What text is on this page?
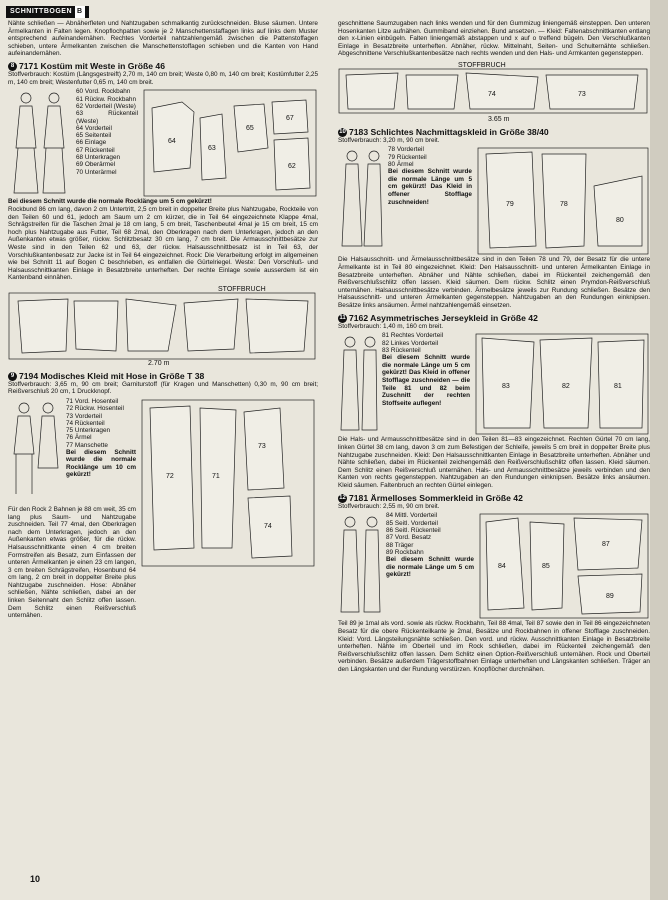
SCHNITTBOGEN B

Nähte schließen — Abnäherfleten und Nahtzugaben schmalkantig zurückschneiden. Bluse säumen. Untere Ärmelkanten in Falten legen. Knopflochpatten sowie je 2 Manschettenstaffagen links auf links dem Muster entsprechend aufeinandernähen. Rechtes Vorderteil nahtzahlengemäß zwischen die Pattenstoffagen schieben, untere Ärmelkanten zwischen die Manschettenstoffagen schieben und die Kanten von Hand aufeinandernähen.

8 7171 Kostüm mit Weste in Größe 46

Stoffverbrauch: Kostüm (Längsgestreift) 2,70 m, 140 cm breit; Weste 0,80 m, 140 cm breit; Kostümfutter 2,25 m, 140 cm breit; Westenfutter 0,65 m, 140 cm breit.

60 Vord. Rockbahn
61 Rückw. Rockbahn
62 Vorderteil (Weste)
63 Rückenteil (Weste)
64 Vorderteil
65 Seitenteil
66 Einlage
67 Rückenteil
68 Unterkragen
69 Oberärmel
70 Unterärmel
64
63
65
67
62

Bei diesem Schnitt wurde die normale Rocklänge um 5 cm gekürzt!

Rockbund 86 cm lang, davon 2 cm Untertritt, 2,5 cm breit in doppelter Breite plus Nahtzugabe, Rockteile von den Teilen 60 und 61, jedoch am Saum um 2 cm kürzer, die in Teil 64 eingezeichnete Klappe 4mal, Schrägstreifen für die Taschen 2mal je 18 cm lang, 5 cm breit, Taschenbeutel 4mal je 15 cm breit, 15 cm hoch plus Nahtzugabe aus Futter, Teil 68 2mal, den Oberkragen nach dem Unterkragen, jedoch an den Außenkanten etwas größer, rückw. Schlitzbesatz 30 cm lang, 7 cm breit. Die Armausschnittbesätze zur Weste sind in den Teilen 62 und 63, der rückw. Halsausschnittbesatz ist in Teil 63, der Vorschlußkantenbesatz zur Jacke ist in Teil 64 eingezeichnet. Rock: Die Verarbeitung erfolgt im allgemeinen wie bei Schnitt 11 auf Bogen C beschrieben, es entfallen die Gürtelriegel. Weste: Den Vorschluß- und Halsausschnittkanten Einlage in Besatzbreite unterheften. Der rechte Einlage sowie ausserdem ist ein Kantenband einnähen.

STOFFBRUCH
2,70 m
9 7194 Modisches Kleid mit Hose in Größe T 38

Stoffverbrauch: 3,65 m, 90 cm breit; Garniturstoff (für Kragen und Manschetten) 0,30 m, 90 cm breit; Reißverschluß 20 cm, 1 Druckknopf.

71 Vord. Hosenteil
72 Rückw. Hosenteil
73 Vorderteil
74 Rückenteil
75 Unterkragen
76 Ärmel
77 Manschette
Bei diesem Schnitt wurde die normale Rocklänge um 10 cm gekürzt!	72	71
73
74

Für den Rock 2 Bahnen je 88 cm weit, 35 cm lang plus Saum- und Nahtzugabe zuschneiden. Teil 77 4mal, den Oberkragen nach dem Unterkragen, jedoch an den Außenkanten etwas größer, für die rückw. Halsausschnittkante einen 4 cm breiten Formstreifen als Besatz, zum Einfassen der unteren Ärmelkanten je einen 23 cm langen, 3 cm breiten Schrägstreifen, Hosenbund 64 cm lang, 2 cm breit in doppelter Breite plus Nahtzugabe zuschneiden. Hose: Abnäher schließen, Nähte schließen, dabei an der linken Seitennaht den Schlitz offen lassen. Dem Schlitz einen Reißverschluß unternähen.

geschnittene Saumzugaben nach links wenden und für den Gummizug liniengemäß einsteppen. Den unteren Hosenkanten Litze aufnähen. Gummiband einziehen. Bund ansetzen. — Kleid: Faltenabschnittkanten entlang den x-Linien einbügeln. Falten liniengemäß abstappen und x auf o treffend bügeln. Den Verschlußkanten Einlage in Besatzbreite unterheften. Abnäher, rückw. Mittelnaht, Seiten- und Schulternähte schließen. Abgeschnittene Verschlußkantenbesätze nach rechts wenden und den Hals- und Armkanten gegensteppen.

74	73
STOFFBRUCH
3,65 m
10 7183 Schlichtes Nachmittagskleid in Größe 38/40

Stoffverbrauch: 3,20 m, 90 cm breit.

78 Vorderteil
79 Rückenteil
80 Ärmel

Bei diesem Schnitt wurde die normale Länge um 5 cm gekürzt! Das Kleid in offener Stofflage zuschneiden!	79	78
80

Die Halsausschnitt- und Ärmelausschnittbesätze sind in den Teilen 78 und 79, der Besatz für die untere Ärmelkante ist in Teil 80 eingezeichnet. Kleid: Den Halsausschnitt- und unteren Ärmelkanten Einlage in Besatzbreite unterheften. Abnäher und Nähte schließen, dabei im Rückenteil zeichengemäß den Reißverschlußschlitz offen lassen. Kleid säumen. Dem rückw. Schlitz einen Prymdon-Reißverschluß unternähen. Halsausschnittbesätze verbinden. Ärmelbesätze jeweils zur Rundung schließen. Besätze den Halsausschnitt- und unteren Ärmelkanten gegensteppen. Nahtzugaben an den Rundungen einknipsen. Besätze links ansäumen. Ärmel nahtzahlengemäß einsetzen.

11 7162 Asymmetrisches Jerseykleid in Größe 42

Stoffverbrauch: 1,40 m, 160 cm breit.

81 Rechtes Vorderteil
82 Linkes Vorderteil
83 Rückenteil

Bei diesem Schnitt wurde die normale Länge um 5 cm gekürzt! Das Kleid in offener Stofflage zuschneiden — die Teile 81 und 82 beim Zuschnitt der rechten Stoffseite auflegen!

83	82	81

Die Hals- und Armausschnittbesätze sind in den Teilen 81—83 eingezeichnet. Rechten Gürtel 70 cm lang, linken Gürtel 38 cm lang, davon 3 cm zum Befestigen der Schleife, jeweils 5 cm breit in doppelter Breite plus Nahtzugabe zuschneiden. Kleid: Den Halsausschnittkanten Einlage in Besatzbreite unterheften. Abnäher und Nähte schließen, dabei im Rückenteil zeichengemäß den Reißverschlußschlitz offen lassen. Kleid säumen. Dem Schlitz einen Reißverschluß unternähen. Hals- und Armausschnittbesätze jeweils verbinden und den Kanten von rechts gegensteppen. Nahtzugaben an den Rundungen einknipsen. Besätze links ansäumen. Kleid säumen. Faltenbruch an rechten Gürtel einlegen.

12 7181 Ärmelloses Sommerkleid in Größe 42

Stoffverbrauch: 2,55 m, 90 cm breit.

84 Mittl. Vorderteil
85 Seitl. Vorderteil
86 Seitl. Rückenteil
87 Vord. Besatz
88 Träger
89 Rockbahn

Bei diesem Schnitt wurde die normale Länge um 5 cm gekürzt!

84	85
87
89

Teil 89 je 1mal als vord. sowie als rückw. Rockbahn, Teil 88 4mal, Teil 87 sowie den in Teil 86 eingezeichneten Besatz für die obere Rückenteilkante je 2mal, Besätze und Rockbahnen in offener Stofflage zuschneiden. Kleid: Vord. Längsteilungsnähte schließen. Den vord. und rückw. Ausschnittkanten Einlage in Besatzbreite unterheften. Nähte im Oberteil und im Rock schließen, dabei im Rückenteil zeichengemäß den Reißverschlußschlitz offen lassen. Dem Schlitz einen Option-Reißverschluß unternähen. Rock und Oberteil verbinden. Besätze außerdem Trägerstoffbahnen Einlage unterheften und Längskanten schließen. Träger an den Längskanten und der Rundung verstürzen. Knopflöcher durchnähen.

10
